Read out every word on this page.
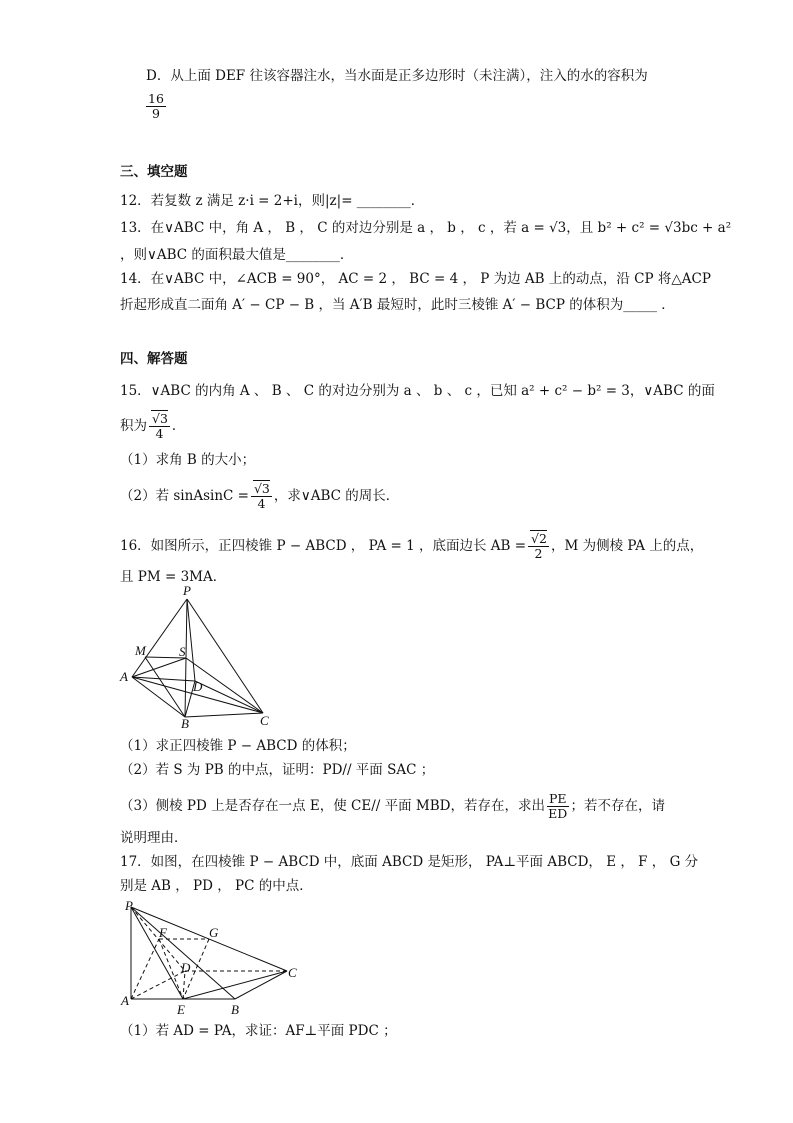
D．从上面 DEF 往该容器注水，当水面是正多边形时（未注满），注入的水的容积为
$\frac{16}{9}$
三、填空题
12．若复数 z 满足 z·i = 2+i，则|z|= ________．
13．在∨ABC 中，角 A ， B ， C 的对边分别是 a ， b ， c ，若 a = √3，且 b² + c² = √3bc + a²
，则∨ABC 的面积最大值是________．
14．在∨ABC 中，∠ACB = 90°， AC = 2 ， BC = 4 ， P 为边 AB 上的动点，沿 CP 将△ACP
折起形成直二面角 A′ − CP − B ，当 A′B 最短时，此时三棱锥 A′ − BCP 的体积为_____ ．
四、解答题
15．∨ABC 的内角 A 、 B 、 C 的对边分别为 a 、 b 、 c ，已知 a² + c² − b² = 3，∨ABC 的面
积为 $\frac{√3}{4}$ ．
（1）求角 B 的大小；
（2）若 sinAsinC = $\frac{√3}{4}$ ，求∨ABC 的周长．
16．如图所示，正四棱锥 P − ABCD ， PA = 1 ，底面边长 AB = $\frac{√2}{2}$ ，M 为侧棱 PA 上的点，
且 PM = 3MA．
P
M	S
A
D
B	C
（1）求正四棱锥 P − ABCD 的体积；
（2）若 S 为 PB 的中点，证明：PD// 平面 SAC ；
（3）侧棱 PD 上是否存在一点 E，使 CE// 平面 MBD，若存在，求出 $\frac{PE}{ED}$ ；若不存在，请
说明理由．
17．如图，在四棱锥 P − ABCD 中，底面 ABCD 是矩形， PA⊥平面 ABCD， E ， F ， G 分
别是 AB ， PD ， PC 的中点．
P
F	G
D	C
A
E	B
（1）若 AD = PA，求证：AF⊥平面 PDC ；
